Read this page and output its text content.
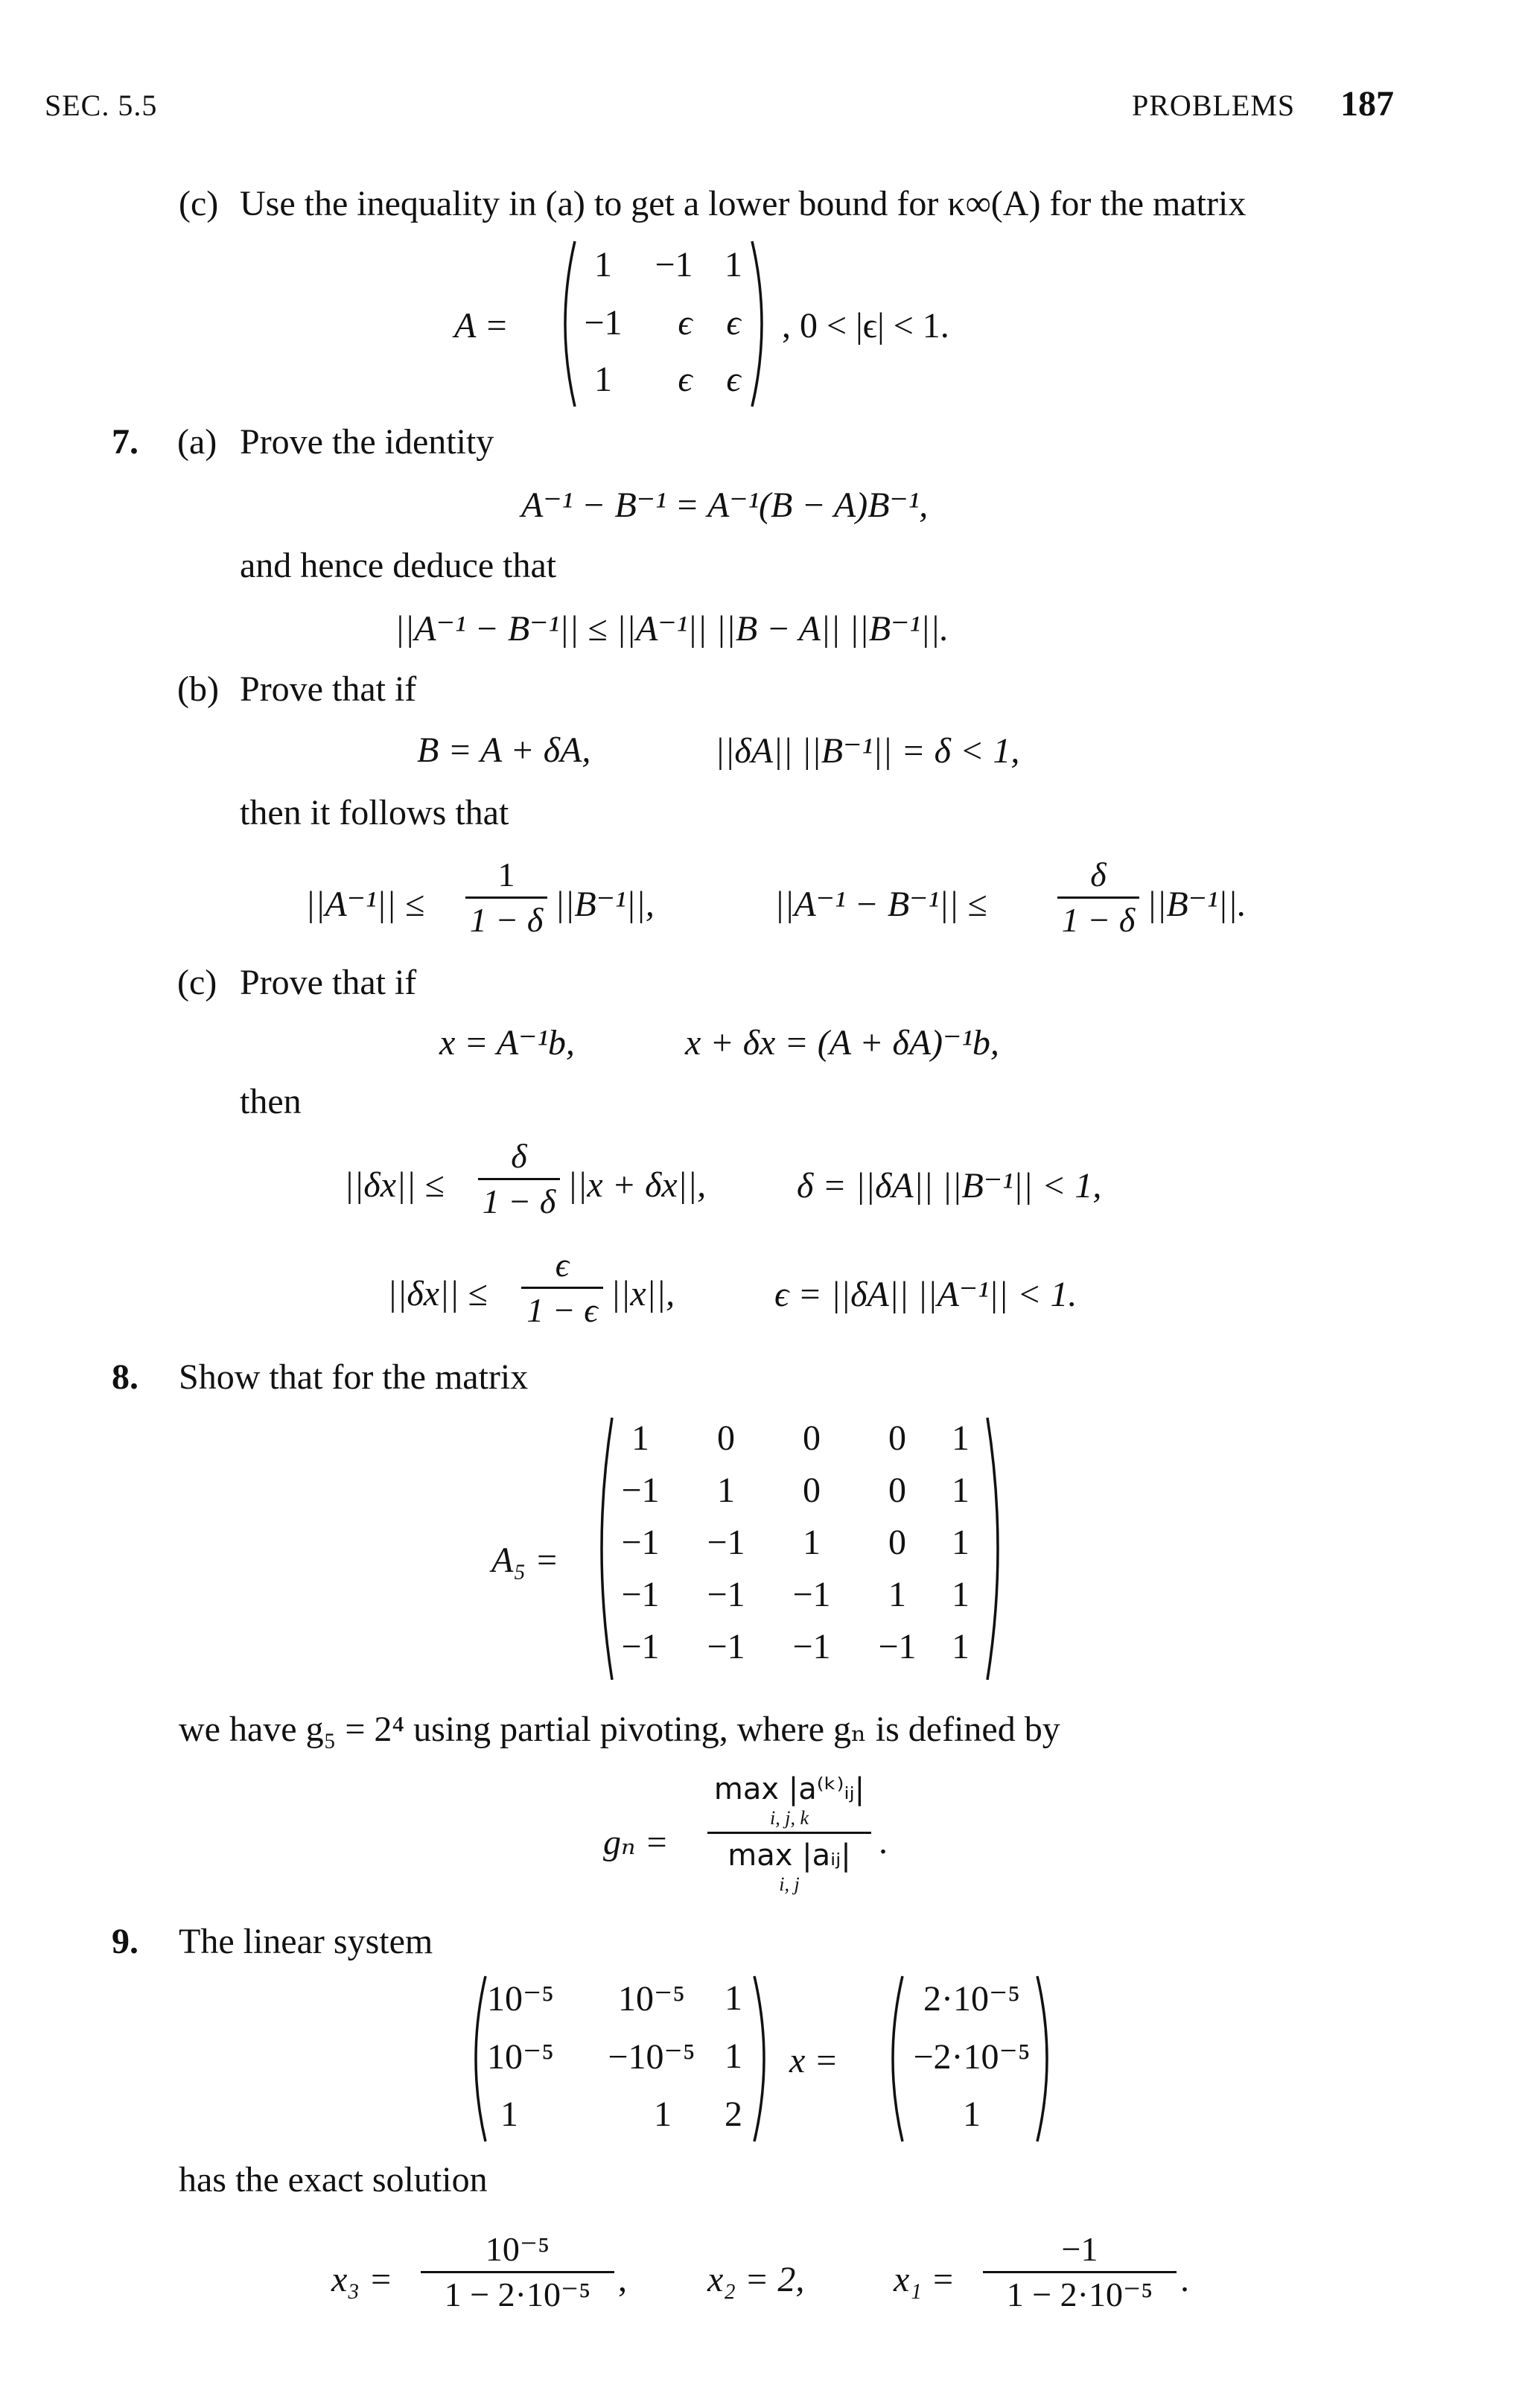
SEC. 5.5	PROBLEMS 187
(c) Use the inequality in (a) to get a lower bound for κ∞(A) for the matrix
A =
1	−1 1
−1	ϵ ϵ
1	ϵ ϵ
, 0 < |ϵ| < 1.
7. (a) Prove the identity
A⁻¹ − B⁻¹ = A⁻¹(B − A)B⁻¹,
and hence deduce that
||A⁻¹ − B⁻¹|| ≤ ||A⁻¹|| ||B − A|| ||B⁻¹||.
(b) Prove that if
B = A + δA,	||δA|| ||B⁻¹|| = δ < 1,
then it follows that
||A⁻¹|| ≤
1
1 − δ ||B⁻¹||,	||A⁻¹ − B⁻¹|| ≤
δ
1 − δ ||B⁻¹||.
(c) Prove that if
x = A⁻¹b,	x + δx = (A + δA)⁻¹b,
then
||δx|| ≤
δ
1 − δ ||x + δx||,	δ = ||δA|| ||B⁻¹|| < 1,
||δx|| ≤
ϵ
1 − ϵ ||x||,	ϵ = ||δA|| ||A⁻¹|| < 1.
8. Show that for the matrix
A₅ =
1	0	0	0	1
−1	1	0	0	1
−1	−1	1	0	1
−1	−1	−1	1	1
−1	−1	−1	−1 1
we have g₅ = 2⁴ using partial pivoting, where gₙ is defined by
gₙ =
max |a⁽ᵏ⁾ᵢⱼ|
i, j, k
max |aᵢⱼ|
i, j
.
9. The linear system
10⁻⁵	10⁻⁵	1
10⁻⁵	−10⁻⁵ 1
1	1	2
x =
2·10⁻⁵
−2·10⁻⁵
1
has the exact solution
x₃ =
10⁻⁵
1 − 2·10⁻⁵ , x₂ = 2, x₁ =
−1
1 − 2·10⁻⁵ .
